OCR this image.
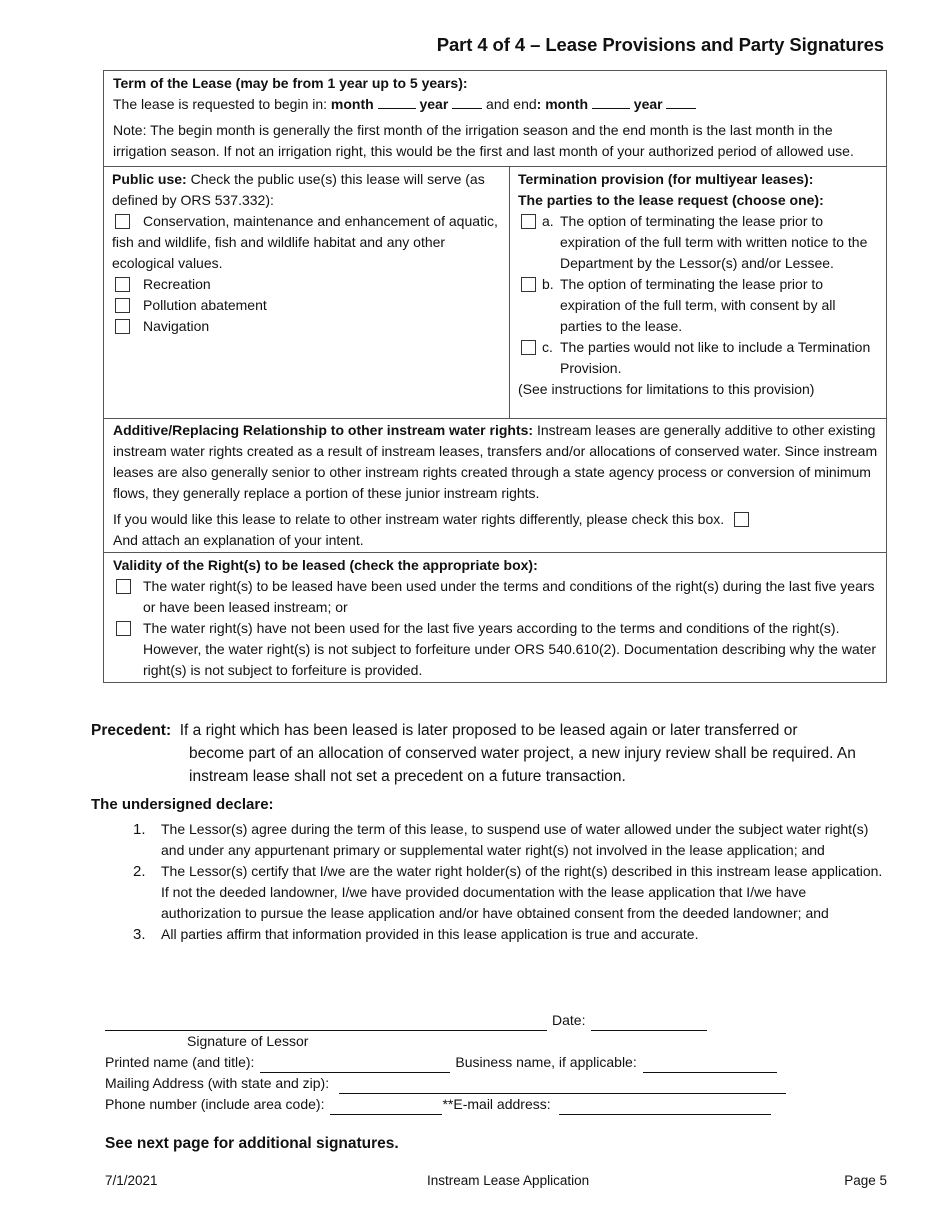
Part 4 of 4 – Lease Provisions and Party Signatures
Term of the Lease (may be from 1 year up to 5 years):
The lease is requested to begin in: month	year  and end: month	year
Note: The begin month is generally the first month of the irrigation season and the end month is the last month in the irrigation season. If not an irrigation right, this would be the first and last month of your authorized period of allowed use.
Public use: Check the public use(s) this lease will serve (as defined by ORS 537.332):
Conservation, maintenance and enhancement of aquatic, fish and wildlife, fish and wildlife habitat and any other ecological values.
Recreation
Pollution abatement
Navigation
Termination provision (for multiyear leases):
The parties to the lease request (choose one):
a. The option of terminating the lease prior to expiration of the full term with written notice to the Department by the Lessor(s) and/or Lessee.
b. The option of terminating the lease prior to expiration of the full term, with consent by all parties to the lease.
c. The parties would not like to include a Termination Provision.
(See instructions for limitations to this provision)
Additive/Replacing Relationship to other instream water rights: Instream leases are generally additive to other existing instream water rights created as a result of instream leases, transfers and/or allocations of conserved water. Since instream leases are also generally senior to other instream rights created through a state agency process or conversion of minimum flows, they generally replace a portion of these junior instream rights.
If you would like this lease to relate to other instream water rights differently, please check this box.
And attach an explanation of your intent.
Validity of the Right(s) to be leased (check the appropriate box):
The water right(s) to be leased have been used under the terms and conditions of the right(s) during the last five years or have been leased instream; or
The water right(s) have not been used for the last five years according to the terms and conditions of the right(s). However, the water right(s) is not subject to forfeiture under ORS 540.610(2). Documentation describing why the water right(s) is not subject to forfeiture is provided.
Precedent:  If a right which has been leased is later proposed to be leased again or later transferred or
become part of an allocation of conserved water project, a new injury review shall be required. An instream lease shall not set a precedent on a future transaction.
The undersigned declare:
1.	The Lessor(s) agree during the term of this lease, to suspend use of water allowed under the subject water right(s) and under any appurtenant primary or supplemental water right(s) not involved in the lease application; and
2.	The Lessor(s) certify that I/we are the water right holder(s) of the right(s) described in this instream lease application. If not the deeded landowner, I/we have provided documentation with the lease application that I/we have authorization to pursue the lease application and/or have obtained consent from the deeded landowner; and
3.	All parties affirm that information provided in this lease application is true and accurate.
Date:
Signature of Lessor
Printed name (and title):	Business name, if applicable:
Mailing Address (with state and zip):
Phone number (include area code):	**E-mail address:
See next page for additional signatures.
7/1/2021	Instream Lease Application	Page 5
